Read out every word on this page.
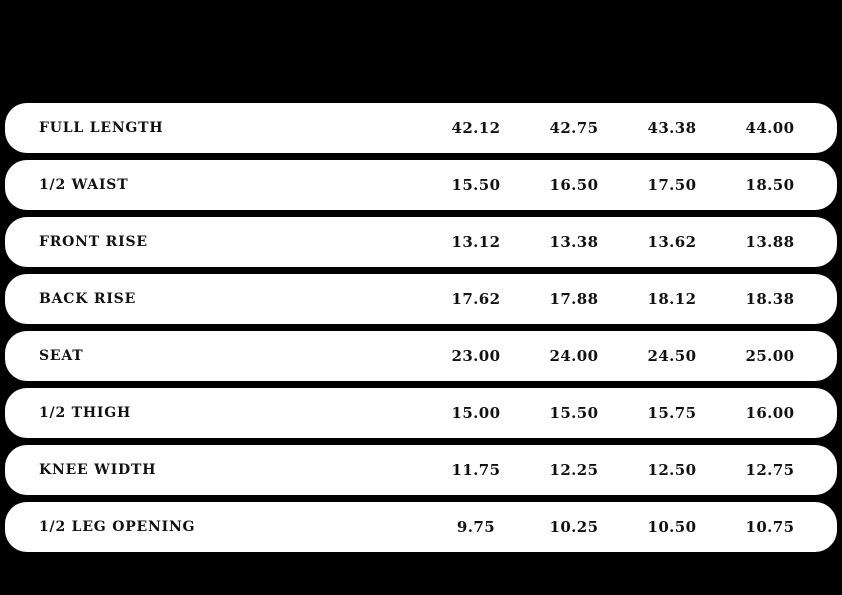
FULL LENGTH	42.12	42.75	43.38	44.00
1/2 WAIST	15.50	16.50	17.50	18.50
FRONT RISE	13.12	13.38	13.62	13.88
BACK RISE	17.62	17.88	18.12	18.38
SEAT	23.00	24.00	24.50	25.00
1/2 THIGH	15.00	15.50	15.75	16.00
KNEE WIDTH	11.75	12.25	12.50	12.75
1/2 LEG OPENING	9.75	10.25	10.50	10.75
